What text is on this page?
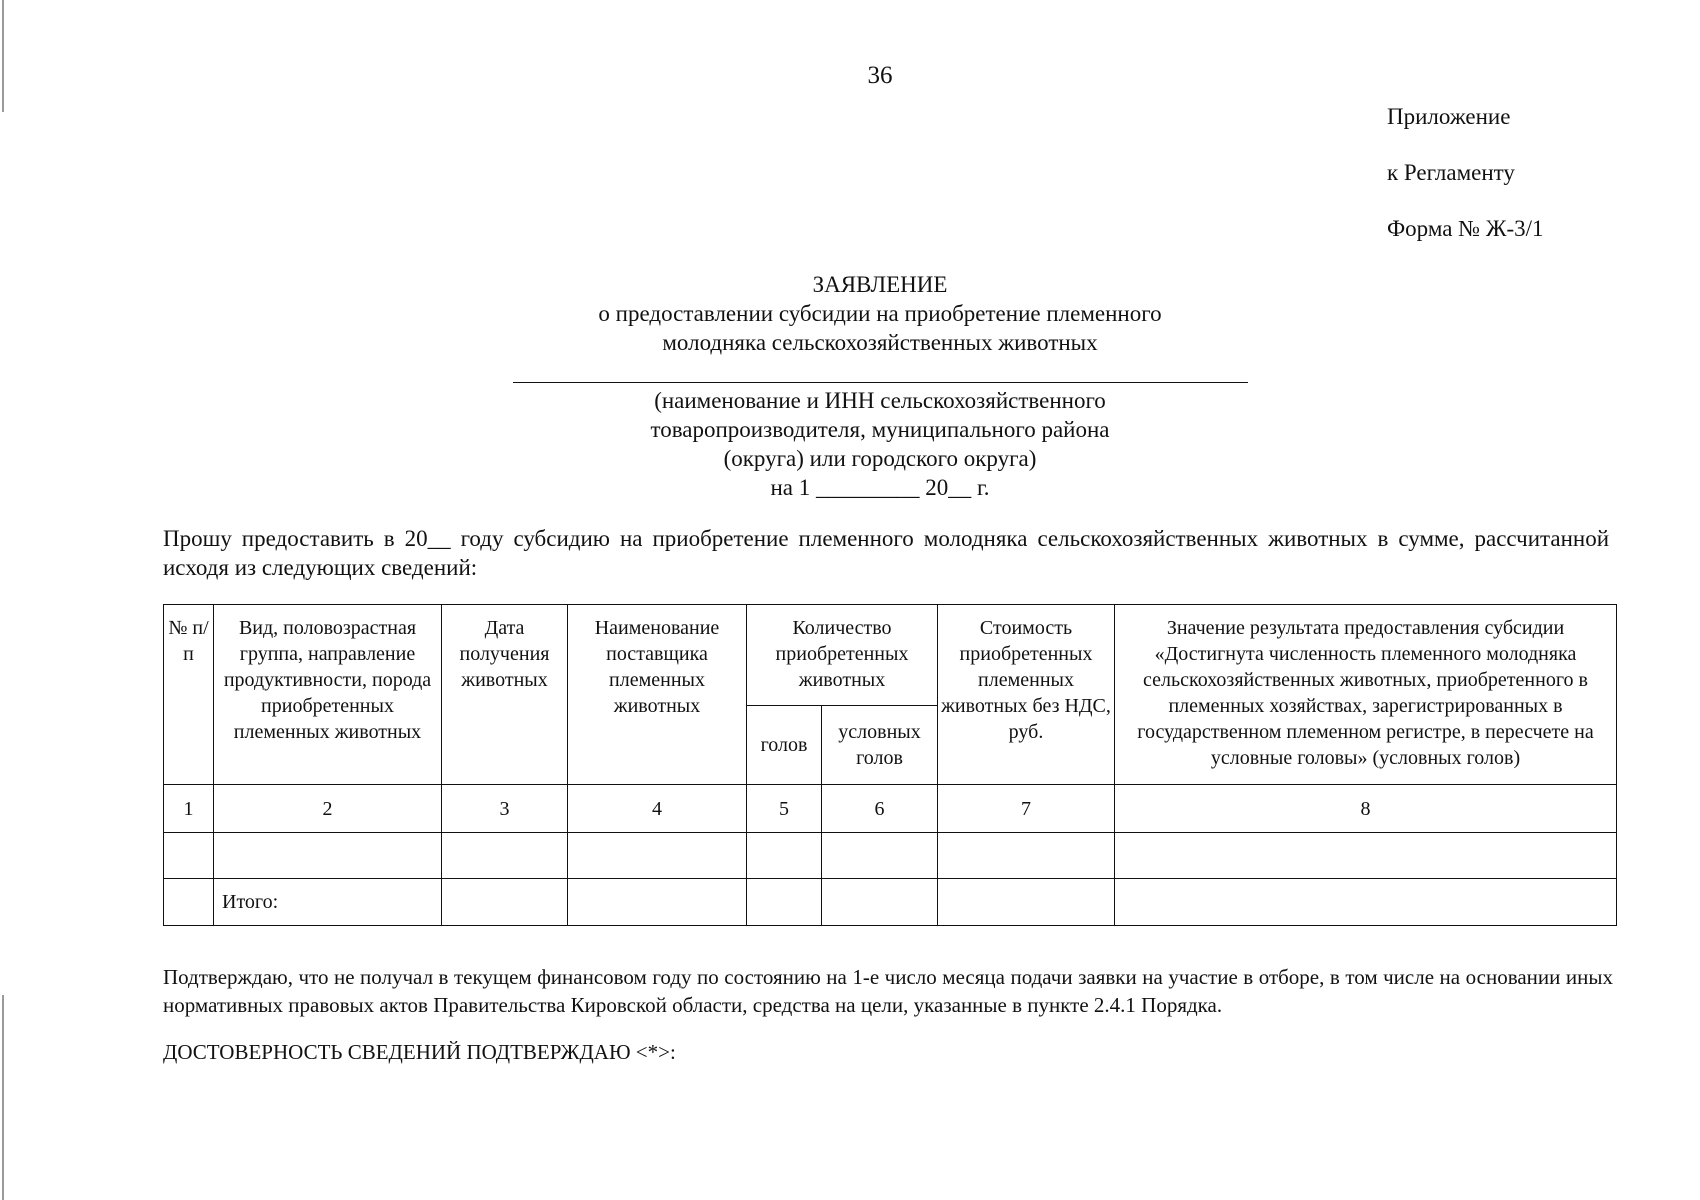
36
Приложение
к Регламенту
Форма № Ж-3/1
ЗАЯВЛЕНИЕ
о предоставлении субсидии на приобретение племенного
молодняка сельскохозяйственных животных
(наименование и ИНН сельскохозяйственного
товаропроизводителя, муниципального района
(округа) или городского округа)
на 1 _________ 20__ г.
Прошу предоставить в 20__ году субсидию на приобретение племенного молодняка сельскохозяйственных животных в сумме, рассчитанной исходя из следующих сведений:
№ п/п	Вид, половозрастная группа, направление продуктивности, порода приобретенных племенных животных	Дата получения животных	Наименование поставщика племенных животных	Количество приобретенных животных		Стоимость приобретенных племенных животных без НДС, руб.	Значение результата предоставления субсидии «Достигнута численность племенного молодняка сельскохозяйственных животных, приобретенного в племенных хозяйствах, зарегистрированных в государственном племенном регистре, в пересчете на условные головы» (условных голов)
				голов	условных голов		
1	2	3	4	5	6	7	8

	Итого:						
Подтверждаю, что не получал в текущем финансовом году по состоянию на 1-е число месяца подачи заявки на участие в отборе, в том числе на основании иных нормативных правовых актов Правительства Кировской области, средства на цели, указанные в пункте 2.4.1 Порядка.
ДОСТОВЕРНОСТЬ СВЕДЕНИЙ ПОДТВЕРЖДАЮ <*>:
